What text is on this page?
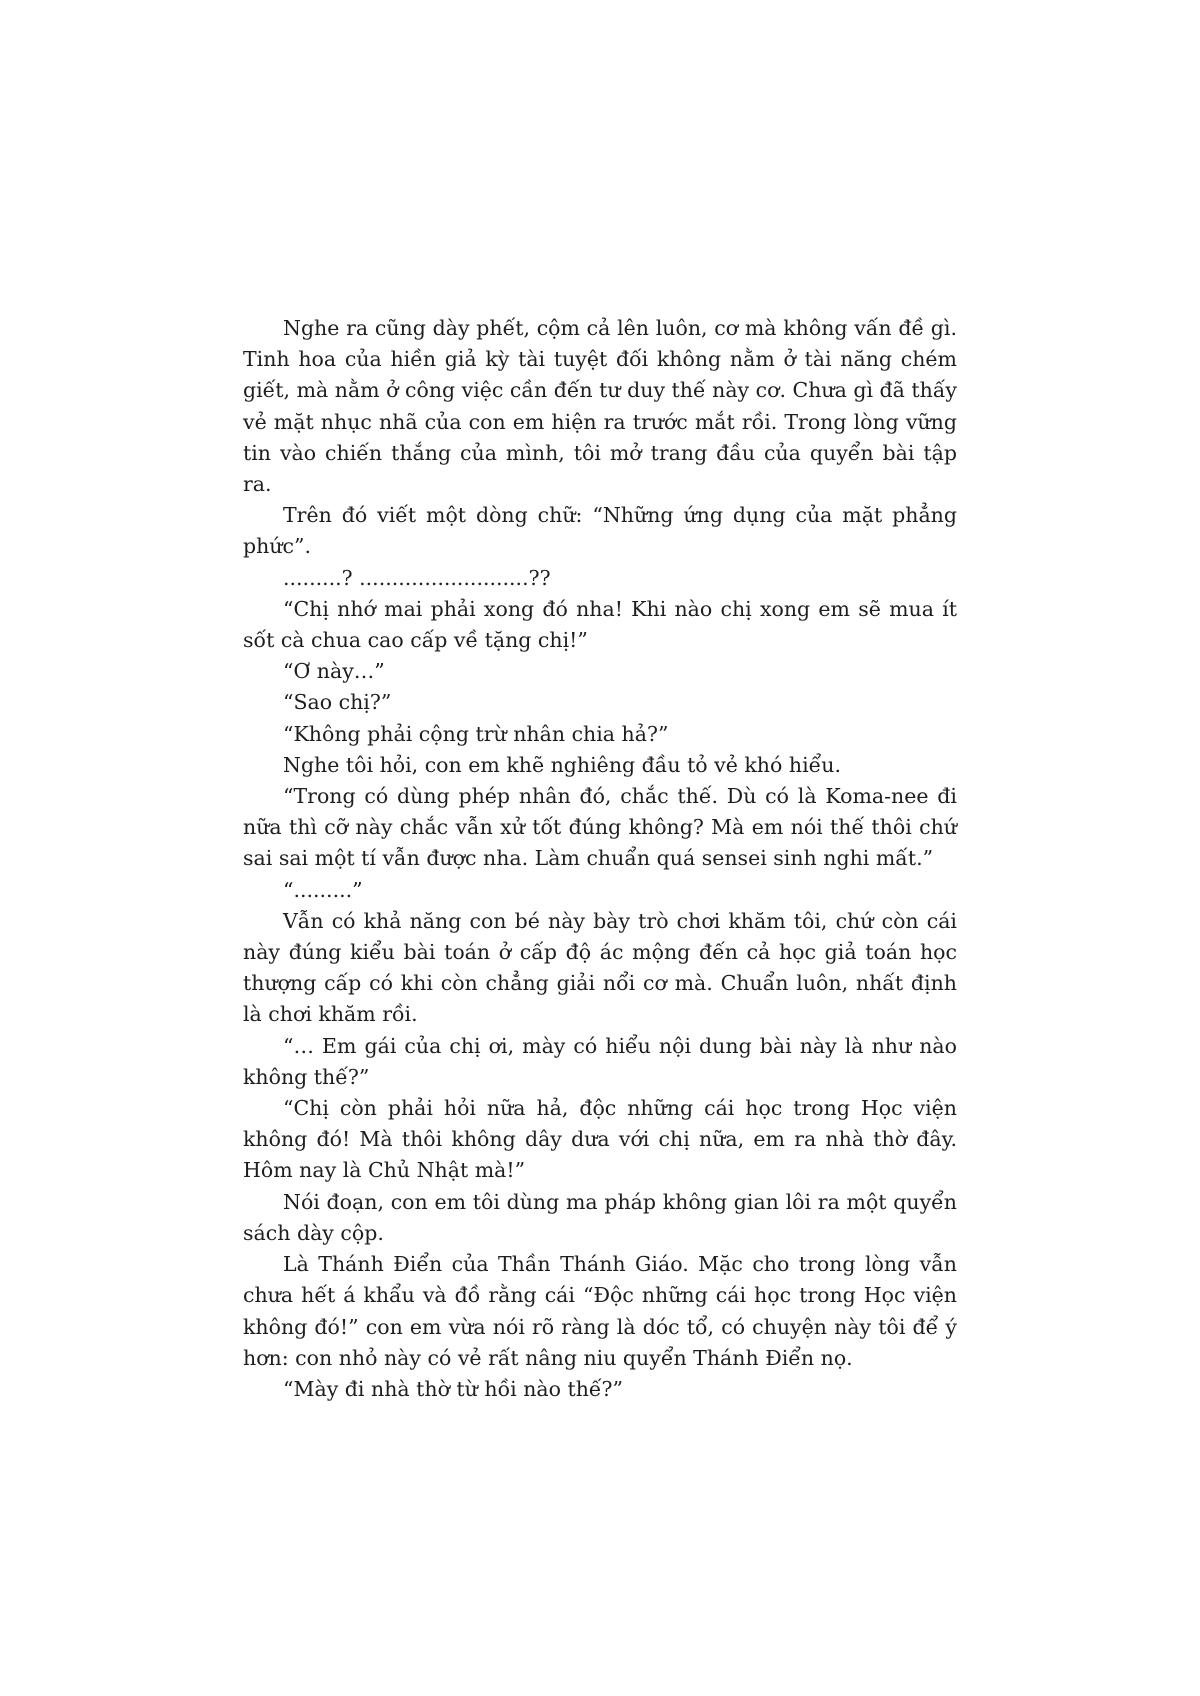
Nghe ra cũng dày phết, cộm cả lên luôn, cơ mà không vấn đề gì. Tinh hoa của hiền giả kỳ tài tuyệt đối không nằm ở tài năng chém giết, mà nằm ở công việc cần đến tư duy thế này cơ. Chưa gì đã thấy vẻ mặt nhục nhã của con em hiện ra trước mắt rồi. Trong lòng vững tin vào chiến thắng của mình, tôi mở trang đầu của quyển bài tập ra.

Trên đó viết một dòng chữ: “Những ứng dụng của mặt phẳng phức”.

.........? ..........................??

“Chị nhớ mai phải xong đó nha! Khi nào chị xong em sẽ mua ít sốt cà chua cao cấp về tặng chị!”

“Ơ này…”

“Sao chị?”

“Không phải cộng trừ nhân chia hả?”

Nghe tôi hỏi, con em khẽ nghiêng đầu tỏ vẻ khó hiểu.

“Trong có dùng phép nhân đó, chắc thế. Dù có là Koma-nee đi nữa thì cỡ này chắc vẫn xử tốt đúng không? Mà em nói thế thôi chứ sai sai một tí vẫn được nha. Làm chuẩn quá sensei sinh nghi mất.”

“.........”

Vẫn có khả năng con bé này bày trò chơi khăm tôi, chứ còn cái này đúng kiểu bài toán ở cấp độ ác mộng đến cả học giả toán học thượng cấp có khi còn chẳng giải nổi cơ mà. Chuẩn luôn, nhất định là chơi khăm rồi.

“… Em gái của chị ơi, mày có hiểu nội dung bài này là như nào không thế?”

“Chị còn phải hỏi nữa hả, độc những cái học trong Học viện không đó! Mà thôi không dây dưa với chị nữa, em ra nhà thờ đây. Hôm nay là Chủ Nhật mà!”

Nói đoạn, con em tôi dùng ma pháp không gian lôi ra một quyển sách dày cộp.

Là Thánh Điển của Thần Thánh Giáo. Mặc cho trong lòng vẫn chưa hết á khẩu và đồ rằng cái “Độc những cái học trong Học viện không đó!” con em vừa nói rõ ràng là dóc tổ, có chuyện này tôi để ý hơn: con nhỏ này có vẻ rất nâng niu quyển Thánh Điển nọ.

“Mày đi nhà thờ từ hồi nào thế?”
